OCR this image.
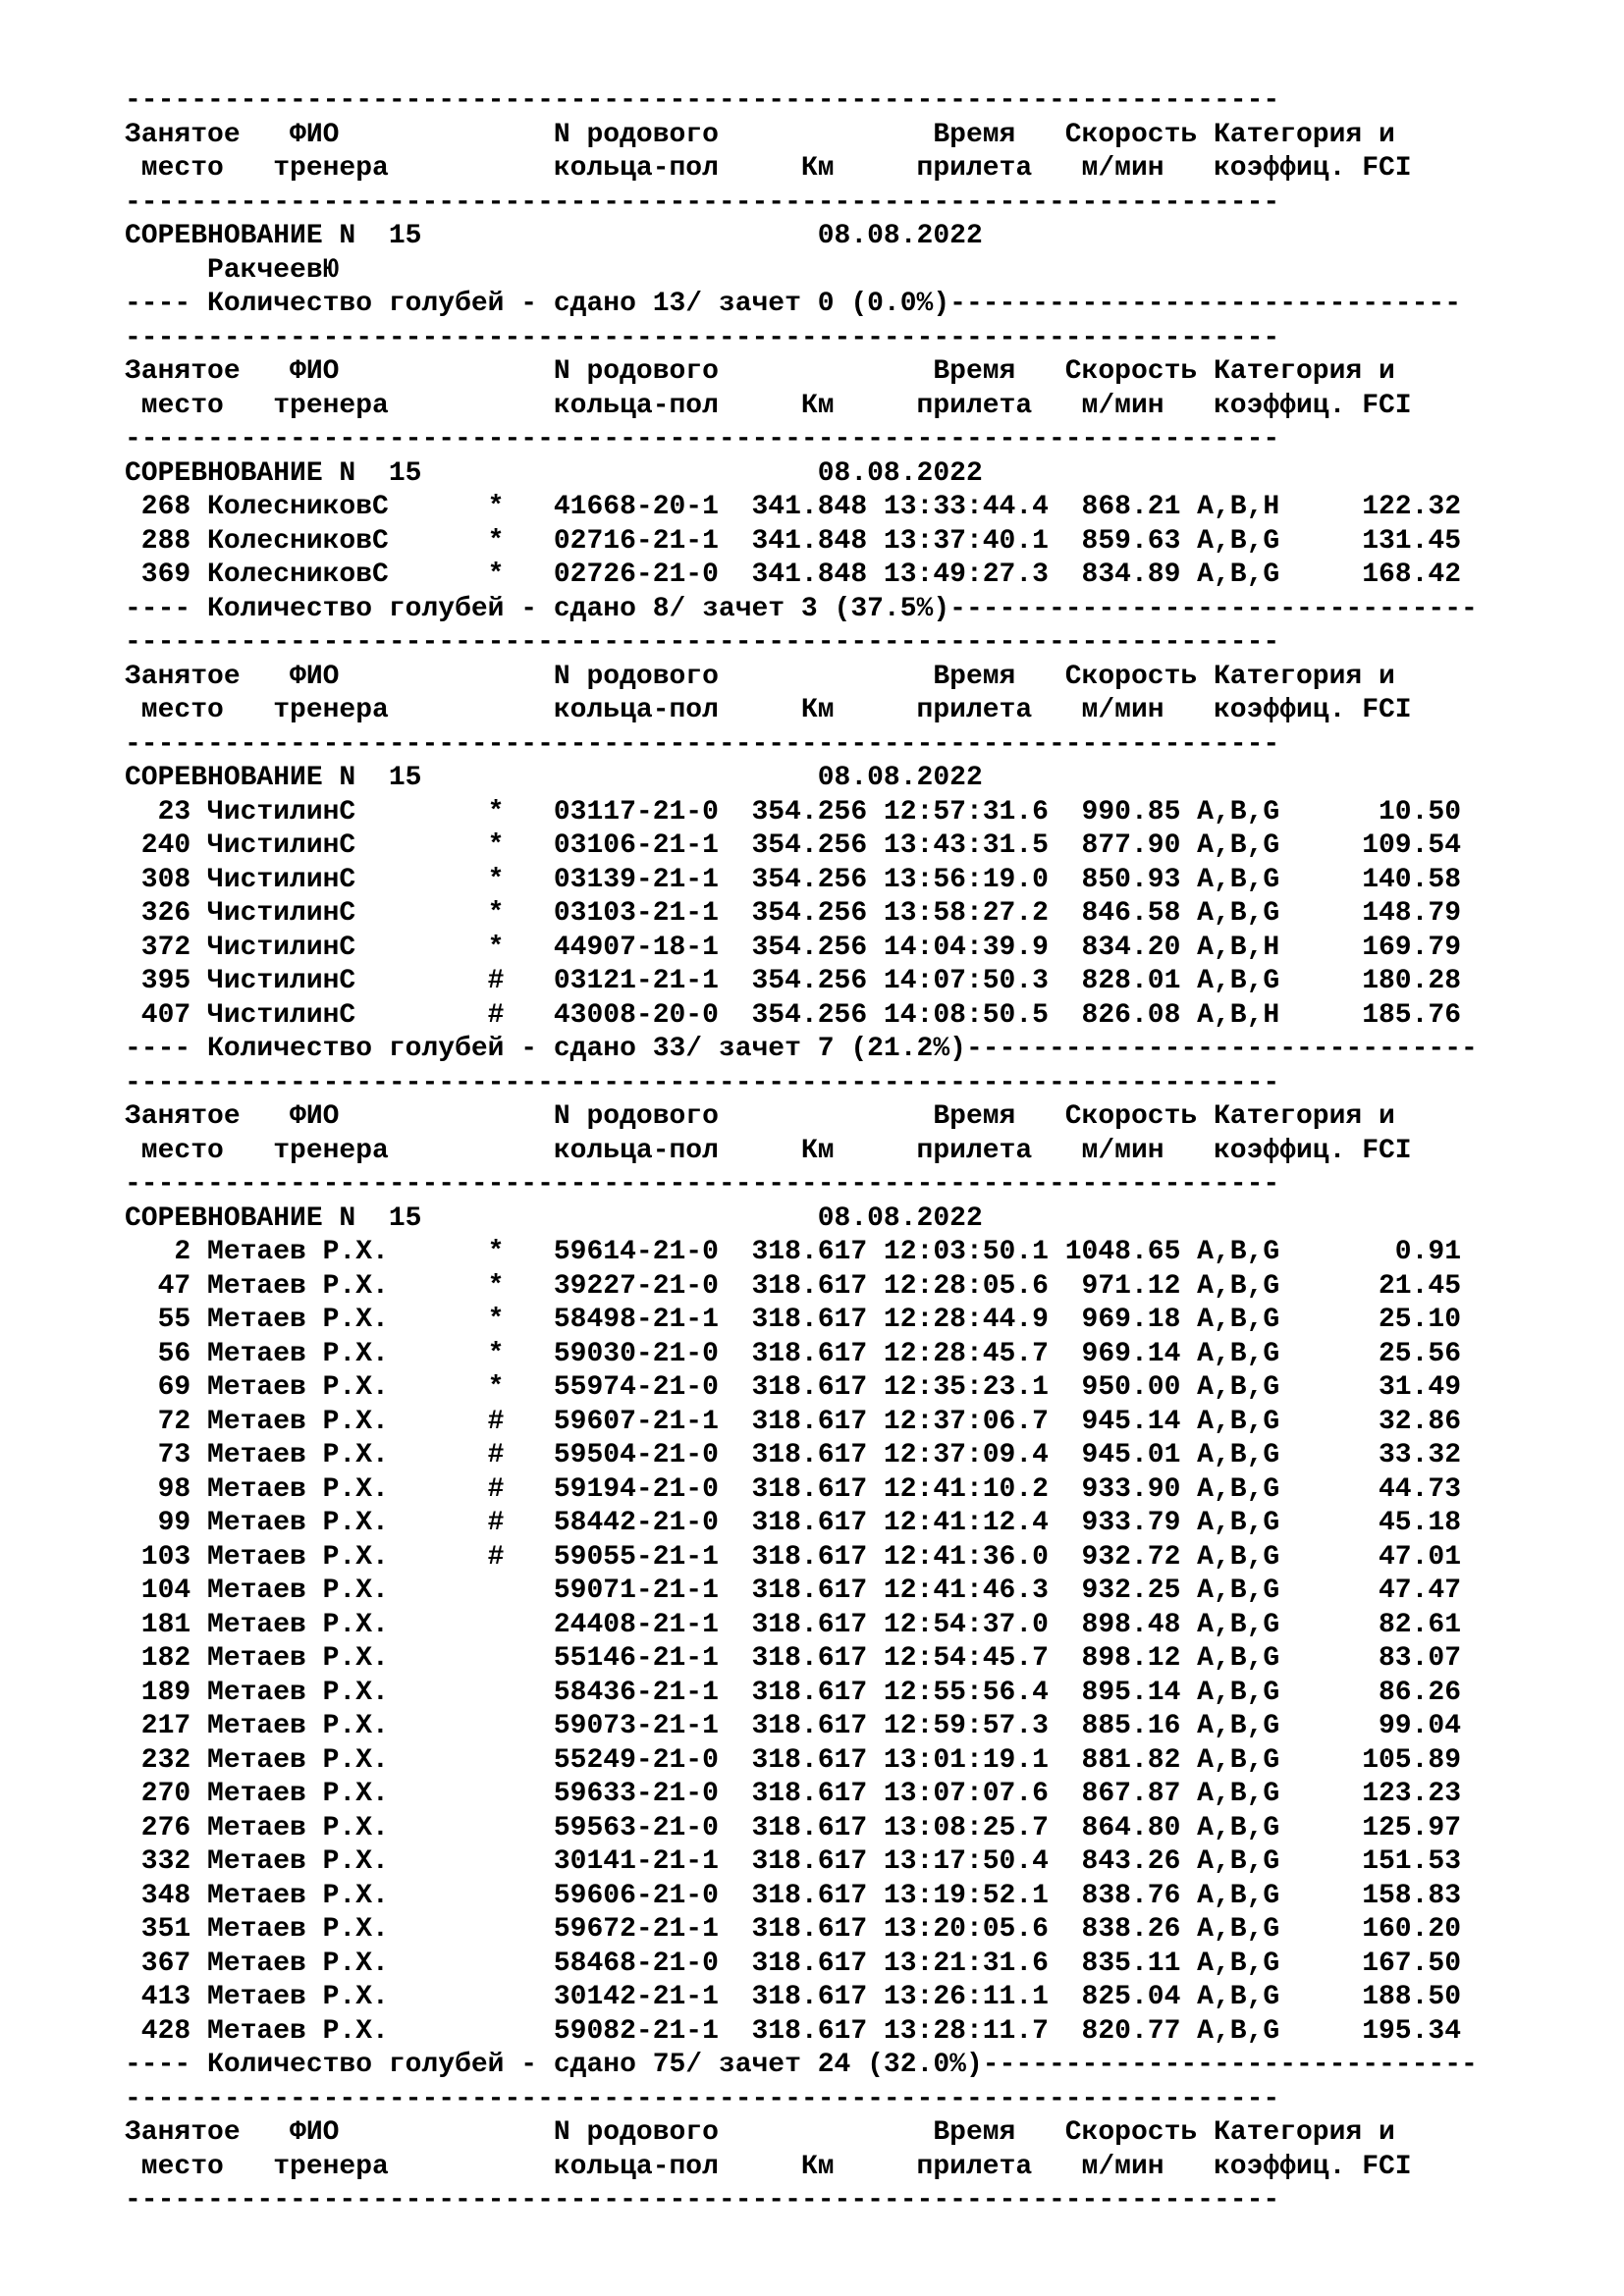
----------------------------------------------------------------------
Занятое   ФИО             N родового             Время   Скорость Категория и
место   тренера          кольца-пол     Км     прилета   м/мин   коэффиц. FCI
----------------------------------------------------------------------
СОРЕВНОВАНИЕ N  15                        08.08.2022
РакчеевЮ
---- Количество голубей - сдано 13/ зачет 0 (0.0%)-------------------------------
----------------------------------------------------------------------
Занятое   ФИО             N родового             Время   Скорость Категория и
место   тренера          кольца-пол     Км     прилета   м/мин   коэффиц. FCI
----------------------------------------------------------------------
СОРЕВНОВАНИЕ N  15                        08.08.2022
268 КолесниковС      *   41668-20-1  341.848 13:33:44.4  868.21 A,B,H     122.32
288 КолесниковС      *   02716-21-1  341.848 13:37:40.1  859.63 A,B,G     131.45
369 КолесниковС      *   02726-21-0  341.848 13:49:27.3  834.89 A,B,G     168.42
---- Количество голубей - сдано 8/ зачет 3 (37.5%)--------------------------------
----------------------------------------------------------------------
Занятое   ФИО             N родового             Время   Скорость Категория и
место   тренера          кольца-пол     Км     прилета   м/мин   коэффиц. FCI
----------------------------------------------------------------------
СОРЕВНОВАНИЕ N  15                        08.08.2022
23 ЧистилинС        *   03117-21-0  354.256 12:57:31.6  990.85 A,B,G      10.50
240 ЧистилинС        *   03106-21-1  354.256 13:43:31.5  877.90 A,B,G     109.54
308 ЧистилинС        *   03139-21-1  354.256 13:56:19.0  850.93 A,B,G     140.58
326 ЧистилинС        *   03103-21-1  354.256 13:58:27.2  846.58 A,B,G     148.79
372 ЧистилинС        *   44907-18-1  354.256 14:04:39.9  834.20 A,B,H     169.79
395 ЧистилинС        #   03121-21-1  354.256 14:07:50.3  828.01 A,B,G     180.28
407 ЧистилинС        #   43008-20-0  354.256 14:08:50.5  826.08 A,B,H     185.76
---- Количество голубей - сдано 33/ зачет 7 (21.2%)-------------------------------
----------------------------------------------------------------------
Занятое   ФИО             N родового             Время   Скорость Категория и
место   тренера          кольца-пол     Км     прилета   м/мин   коэффиц. FCI
----------------------------------------------------------------------
СОРЕВНОВАНИЕ N  15                        08.08.2022
2 Метаев Р.Х.      *   59614-21-0  318.617 12:03:50.1 1048.65 A,B,G       0.91
47 Метаев Р.Х.      *   39227-21-0  318.617 12:28:05.6  971.12 A,B,G      21.45
55 Метаев Р.Х.      *   58498-21-1  318.617 12:28:44.9  969.18 A,B,G      25.10
56 Метаев Р.Х.      *   59030-21-0  318.617 12:28:45.7  969.14 A,B,G      25.56
69 Метаев Р.Х.      *   55974-21-0  318.617 12:35:23.1  950.00 A,B,G      31.49
72 Метаев Р.Х.      #   59607-21-1  318.617 12:37:06.7  945.14 A,B,G      32.86
73 Метаев Р.Х.      #   59504-21-0  318.617 12:37:09.4  945.01 A,B,G      33.32
98 Метаев Р.Х.      #   59194-21-0  318.617 12:41:10.2  933.90 A,B,G      44.73
99 Метаев Р.Х.      #   58442-21-0  318.617 12:41:12.4  933.79 A,B,G      45.18
103 Метаев Р.Х.      #   59055-21-1  318.617 12:41:36.0  932.72 A,B,G      47.01
104 Метаев Р.Х.          59071-21-1  318.617 12:41:46.3  932.25 A,B,G      47.47
181 Метаев Р.Х.          24408-21-1  318.617 12:54:37.0  898.48 A,B,G      82.61
182 Метаев Р.Х.          55146-21-1  318.617 12:54:45.7  898.12 A,B,G      83.07
189 Метаев Р.Х.          58436-21-1  318.617 12:55:56.4  895.14 A,B,G      86.26
217 Метаев Р.Х.          59073-21-1  318.617 12:59:57.3  885.16 A,B,G      99.04
232 Метаев Р.Х.          55249-21-0  318.617 13:01:19.1  881.82 A,B,G     105.89
270 Метаев Р.Х.          59633-21-0  318.617 13:07:07.6  867.87 A,B,G     123.23
276 Метаев Р.Х.          59563-21-0  318.617 13:08:25.7  864.80 A,B,G     125.97
332 Метаев Р.Х.          30141-21-1  318.617 13:17:50.4  843.26 A,B,G     151.53
348 Метаев Р.Х.          59606-21-0  318.617 13:19:52.1  838.76 A,B,G     158.83
351 Метаев Р.Х.          59672-21-1  318.617 13:20:05.6  838.26 A,B,G     160.20
367 Метаев Р.Х.          58468-21-0  318.617 13:21:31.6  835.11 A,B,G     167.50
413 Метаев Р.Х.          30142-21-1  318.617 13:26:11.1  825.04 A,B,G     188.50
428 Метаев Р.Х.          59082-21-1  318.617 13:28:11.7  820.77 A,B,G     195.34
---- Количество голубей - сдано 75/ зачет 24 (32.0%)------------------------------
----------------------------------------------------------------------
Занятое   ФИО             N родового             Время   Скорость Категория и
место   тренера          кольца-пол     Км     прилета   м/мин   коэффиц. FCI
----------------------------------------------------------------------
